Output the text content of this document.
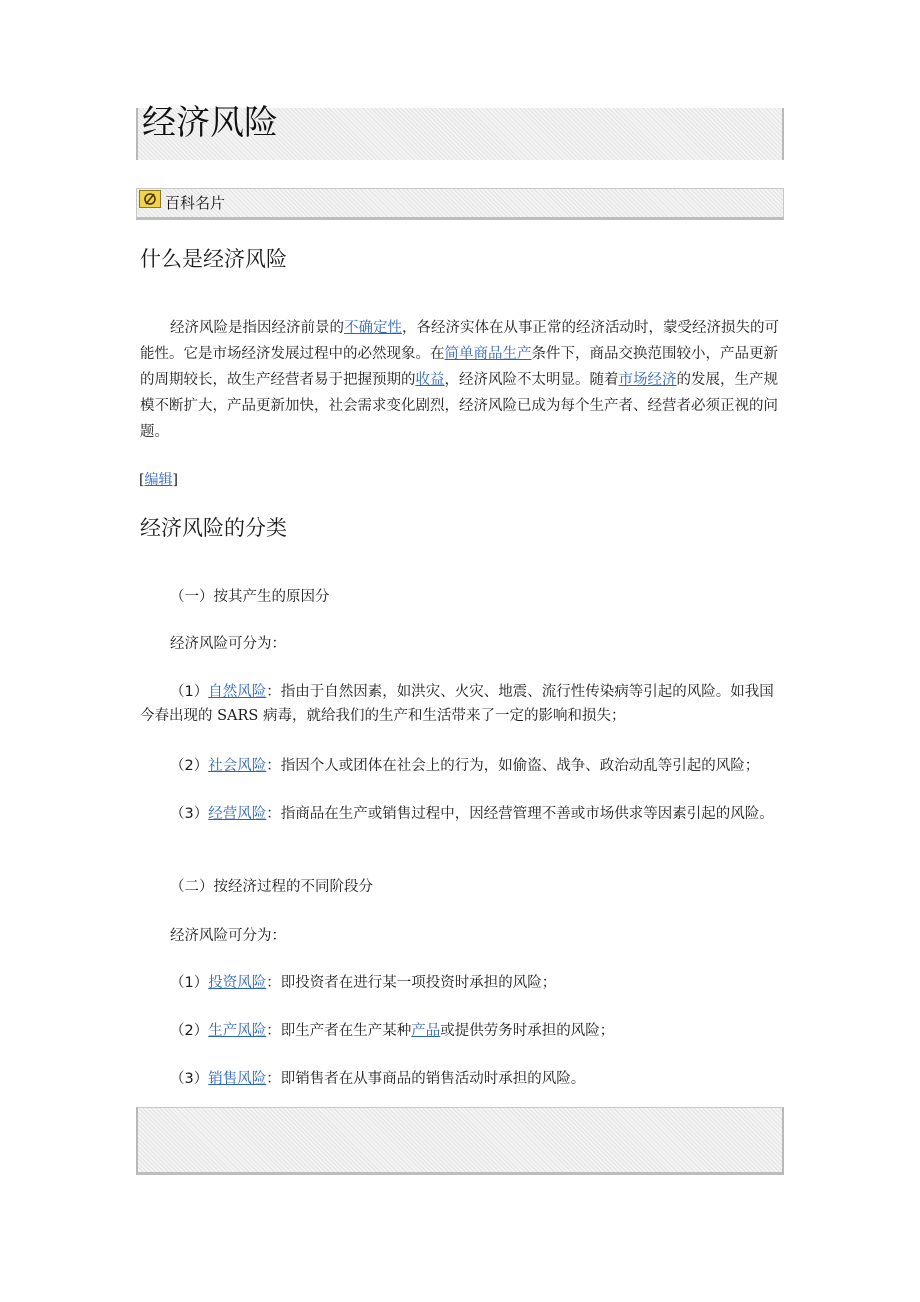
经济风险
百科名片
什么是经济风险

经济风险是指因经济前景的不确定性，各经济实体在从事正常的经济活动时，蒙受经济损失的可能性。它是市场经济发展过程中的必然现象。在简单商品生产条件下，商品交换范围较小，产品更新的周期较长，故生产经营者易于把握预期的收益，经济风险不太明显。随着市场经济的发展，生产规模不断扩大，产品更新加快，社会需求变化剧烈，经济风险已成为每个生产者、经营者必须正视的问题。

[编辑]
经济风险的分类
（一）按其产生的原因分
经济风险可分为：
（1）自然风险：指由于自然因素，如洪灾、火灾、地震、流行性传染病等引起的风险。如我国今春出现的 SARS 病毒，就给我们的生产和生活带来了一定的影响和损失；
（2）社会风险：指因个人或团体在社会上的行为，如偷盗、战争、政治动乱等引起的风险；
（3）经营风险：指商品在生产或销售过程中，因经营管理不善或市场供求等因素引起的风险。
（二）按经济过程的不同阶段分
经济风险可分为：
（1）投资风险：即投资者在进行某一项投资时承担的风险；
（2）生产风险：即生产者在生产某种产品或提供劳务时承担的风险；
（3）销售风险：即销售者在从事商品的销售活动时承担的风险。
